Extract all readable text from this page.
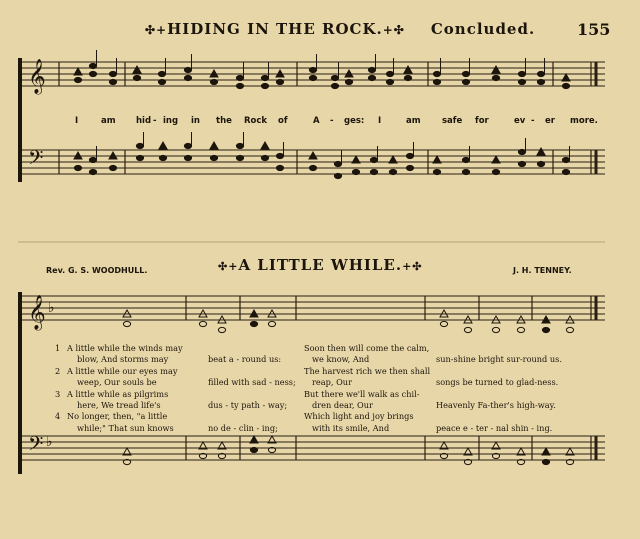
✣+HIDING IN THE ROCK.+✣ Concluded.	155
𝄞
𝄢
𝄞 ♭
𝄢 ♭
I	am hid - ing in the Rock of	A - ges: I	am	safe for	ev - er more.
Rev. G. S. WOODHULL.	✣+A LITTLE WHILE.+✣	J. H. TENNEY.
1 A little while the winds may
blow, And storms may	beat a - round us:
Soon then will come the calm,
we know, And	sun-shine bright sur-round us.
2 A little while our eyes may
weep, Our souls be	filled with sad - ness;
The harvest rich we then shall
reap, Our	songs be turned to glad-ness.
3 A little while as pilgrims
here, We tread life's	dus - ty path - way;
But there we'll walk as chil-
dren dear, Our	Heavenly Fa-ther's high-way.
4 No longer, then, "a little
while;" That sun knows	no de - clin - ing;
Which light and joy brings
with its smile, And	peace e - ter - nal shin - ing.
